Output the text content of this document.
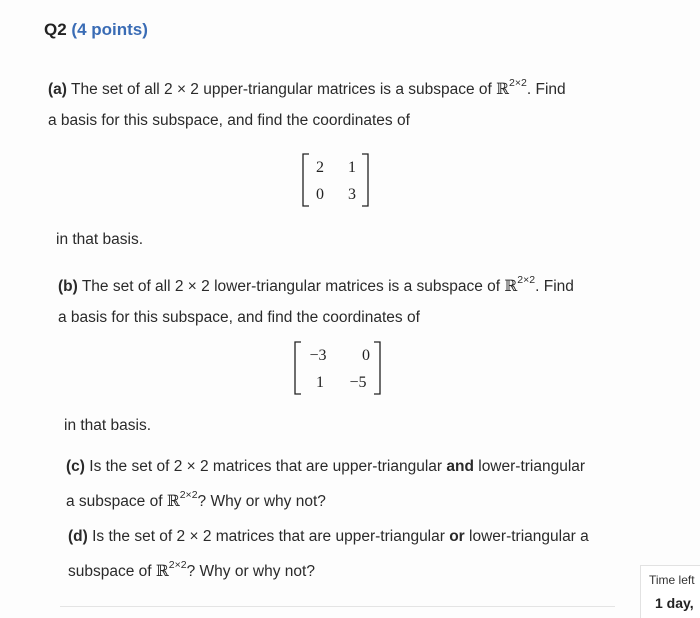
Q2 (4 points)
(a) The set of all 2 × 2 upper-triangular matrices is a subspace of ℝ$^{2\times 2}$. Find
a basis for this subspace, and find the coordinates of
2 1
0 3
in that basis.
(b) The set of all 2 × 2 lower-triangular matrices is a subspace of ℝ$^{2\times 2}$. Find
a basis for this subspace, and find the coordinates of
−3 0
1 −5
in that basis.
(c) Is the set of 2 × 2 matrices that are upper-triangular and lower-triangular
a subspace of ℝ$^{2\times 2}$? Why or why not?
(d) Is the set of 2 × 2 matrices that are upper-triangular or lower-triangular a
subspace of ℝ$^{2\times 2}$? Why or why not?	Time left
1 day,
